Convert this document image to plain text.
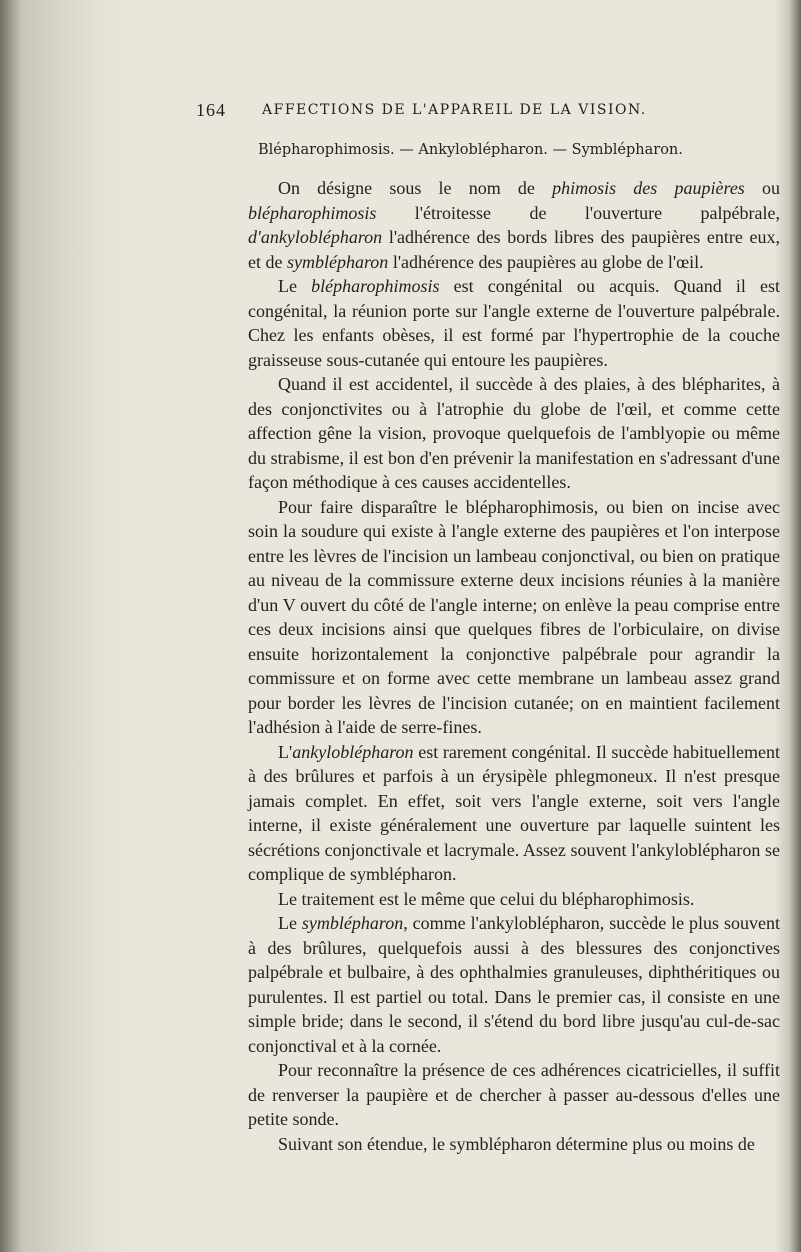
164	AFFECTIONS DE L'APPAREIL DE LA VISION.
Blépharophimosis. — Ankyloblépharon. — Symblépharon.

On désigne sous le nom de phimosis des paupières ou blépharophimosis l'étroitesse de l'ouverture palpébrale, d'ankyloblépharon l'adhérence des bords libres des paupières entre eux, et de symblépharon l'adhérence des paupières au globe de l'œil.

Le blépharophimosis est congénital ou acquis. Quand il est congénital, la réunion porte sur l'angle externe de l'ouverture palpébrale. Chez les enfants obèses, il est formé par l'hypertrophie de la couche graisseuse sous-cutanée qui entoure les paupières.

Quand il est accidentel, il succède à des plaies, à des blépharites, à des conjonctivites ou à l'atrophie du globe de l'œil, et comme cette affection gêne la vision, provoque quelquefois de l'amblyopie ou même du strabisme, il est bon d'en prévenir la manifestation en s'adressant d'une façon méthodique à ces causes accidentelles.

Pour faire disparaître le blépharophimosis, ou bien on incise avec soin la soudure qui existe à l'angle externe des paupières et l'on interpose entre les lèvres de l'incision un lambeau conjonctival, ou bien on pratique au niveau de la commissure externe deux incisions réunies à la manière d'un V ouvert du côté de l'angle interne; on enlève la peau comprise entre ces deux incisions ainsi que quelques fibres de l'orbiculaire, on divise ensuite horizontalement la conjonctive palpébrale pour agrandir la commissure et on forme avec cette membrane un lambeau assez grand pour border les lèvres de l'incision cutanée; on en maintient facilement l'adhésion à l'aide de serre-fines.

L'ankyloblépharon est rarement congénital. Il succède habituellement à des brûlures et parfois à un érysipèle phlegmoneux. Il n'est presque jamais complet. En effet, soit vers l'angle externe, soit vers l'angle interne, il existe généralement une ouverture par laquelle suintent les sécrétions conjonctivale et lacrymale. Assez souvent l'ankyloblépharon se complique de symblépharon.

Le traitement est le même que celui du blépharophimosis.

Le symblépharon, comme l'ankyloblépharon, succède le plus souvent à des brûlures, quelquefois aussi à des blessures des conjonctives palpébrale et bulbaire, à des ophthalmies granuleuses, diphthéritiques ou purulentes. Il est partiel ou total. Dans le premier cas, il consiste en une simple bride; dans le second, il s'étend du bord libre jusqu'au cul-de-sac conjonctival et à la cornée.

Pour reconnaître la présence de ces adhérences cicatricielles, il suffit de renverser la paupière et de chercher à passer au-dessous d'elles une petite sonde.

Suivant son étendue, le symblépharon détermine plus ou moins de
